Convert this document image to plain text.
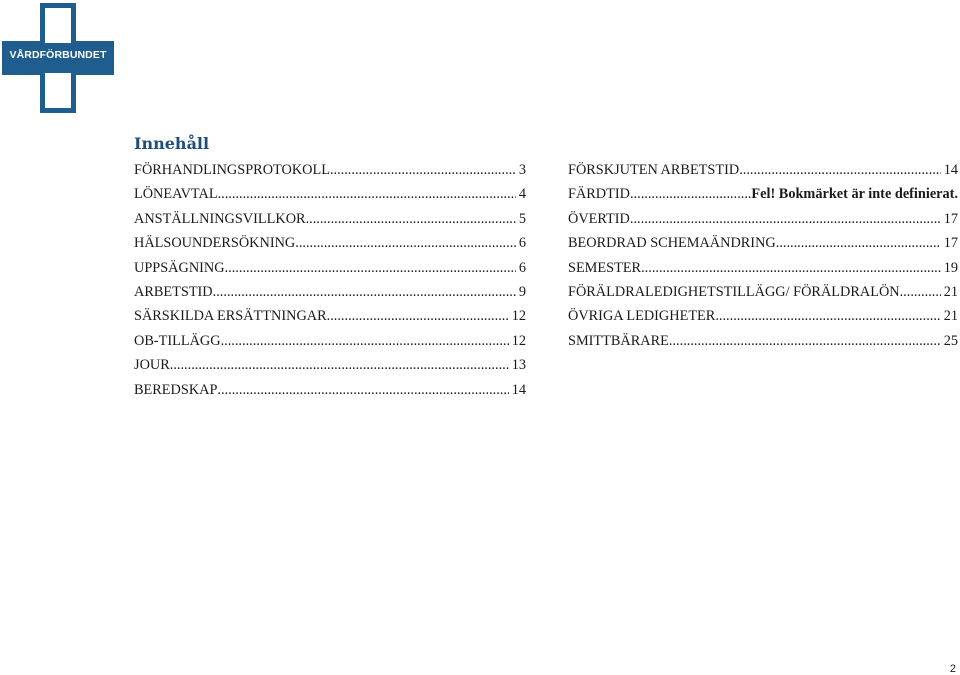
VÅRDFÖRBUNDET
Innehåll
FÖRHANDLINGSPROTOKOLL .....	3
LÖNEAVTAL .....	4
ANSTÄLLNINGSVILLKOR .....	5
HÄLSOUNDERSÖKNING .....	6
UPPSÄGNING .....	6
ARBETSTID .....	9
SÄRSKILDA ERSÄTTNINGAR .....	12
OB-TILLÄGG .....	12
JOUR .....	13
BEREDSKAP .....	14
FÖRSKJUTEN ARBETSTID .....	14
FÄRDTID .....	Fel! Bokmärket är inte definierat.
ÖVERTID .....	17
BEORDRAD SCHEMAÄNDRING .....	17
SEMESTER .....	19
FÖRÄLDRALEDIGHETSTILLÄGG/ FÖRÄLDRALÖN .....	21
ÖVRIGA LEDIGHETER .....	21
SMITTBÄRARE .....	25
2
